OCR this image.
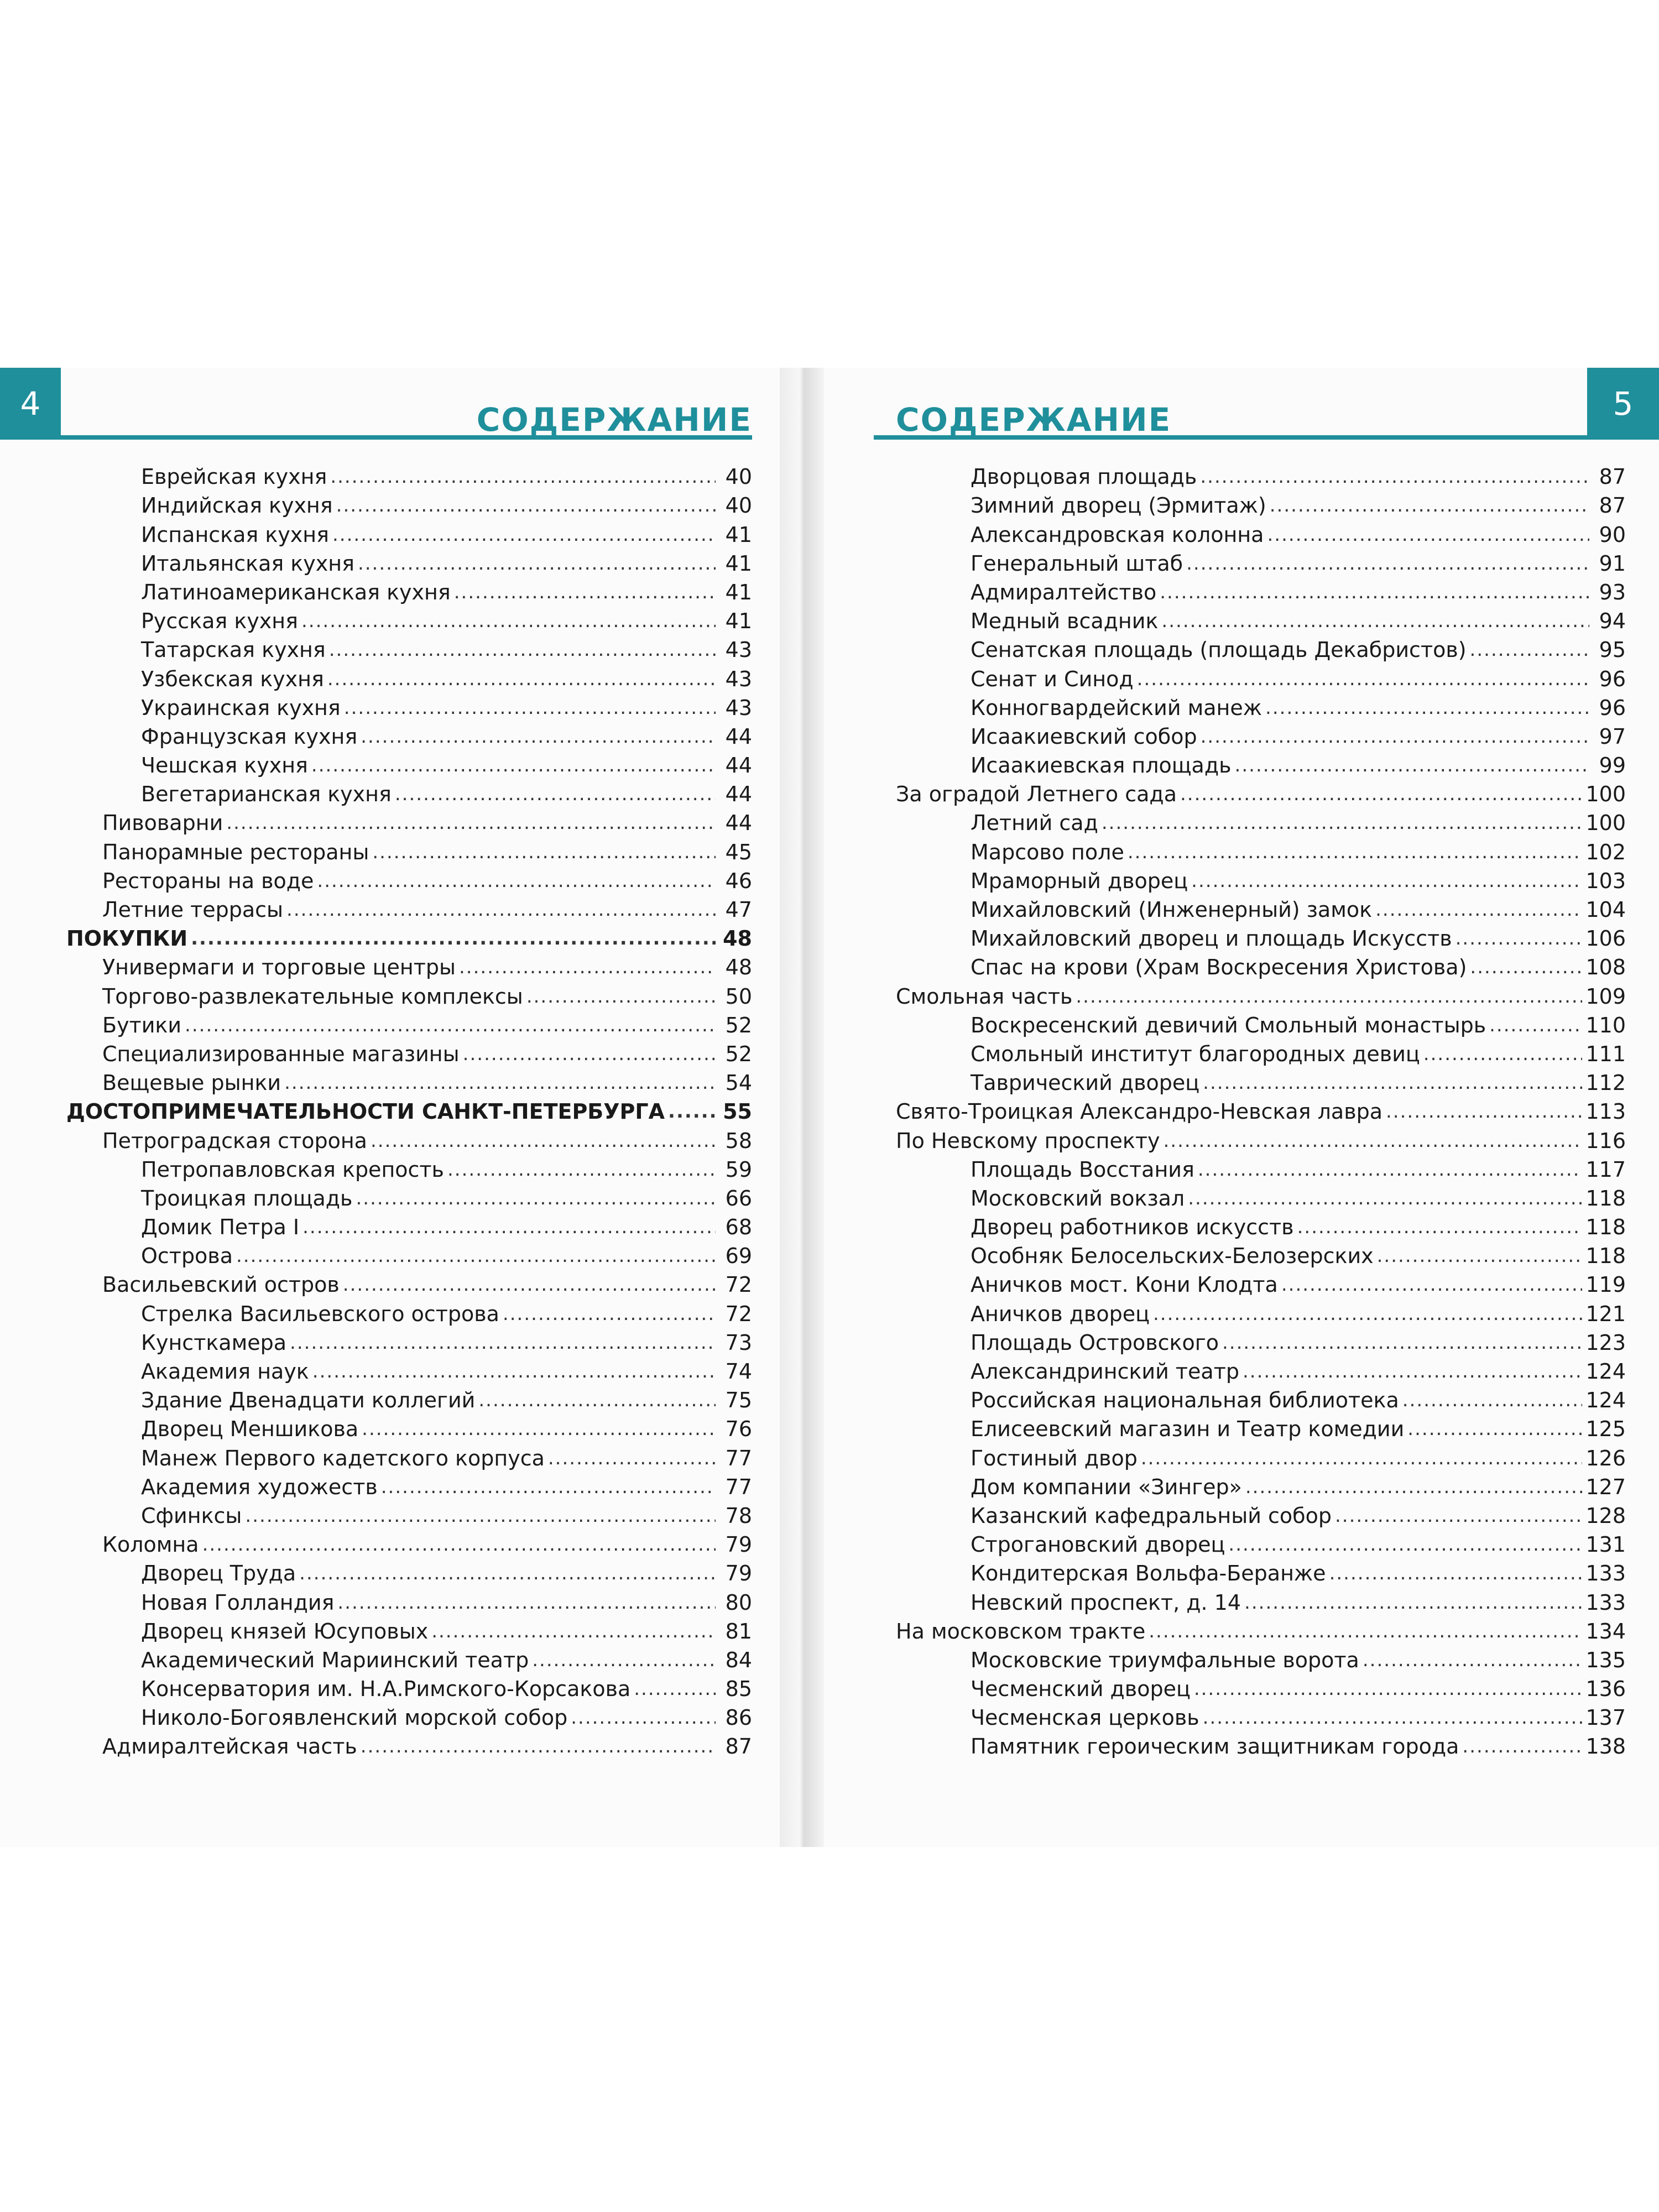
4	СОДЕРЖАНИЕ
Еврейская кухня .....	40
Индийская кухня .....	40
Испанская кухня .....	41
Итальянская кухня .....	41
Латиноамериканская кухня .....	41
Русская кухня .....	41
Татарская кухня .....	43
Узбекская кухня .....	43
Украинская кухня .....	43
Французская кухня .....	44
Чешская кухня .....	44
Вегетарианская кухня .....	44
Пивоварни .....	44
Панорамные рестораны .....	45
Рестораны на воде .....	46
Летние террасы .....	47
ПОКУПКИ .....	48
Универмаги и торговые центры .....	48
Торгово-развлекательные комплексы .....	50
Бутики .....	52
Специализированные магазины .....	52
Вещевые рынки .....	54
ДОСТОПРИМЕЧАТЕЛЬНОСТИ САНКТ-ПЕТЕРБУРГА .....	55
Петроградская сторона .....	58
Петропавловская крепость .....	59
Троицкая площадь .....	66
Домик Петра I .....	68
Острова .....	69
Васильевский остров .....	72
Стрелка Васильевского острова .....	72
Кунсткамера .....	73
Академия наук .....	74
Здание Двенадцати коллегий .....	75
Дворец Меншикова .....	76
Манеж Первого кадетского корпуса .....	77
Академия художеств .....	77
Сфинксы .....	78
Коломна .....	79
Дворец Труда .....	79
Новая Голландия .....	80
Дворец князей Юсуповых .....	81
Академический Мариинский театр .....	84
Консерватория им. Н.А.Римского-Корсакова .....	85
Николо-Богоявленский морской собор .....	86
Адмиралтейская часть .....	87
5
СОДЕРЖАНИЕ
Дворцовая площадь .....	87
Зимний дворец (Эрмитаж) .....	87
Александровская колонна .....	90
Генеральный штаб .....	91
Адмиралтейство .....	93
Медный всадник .....	94
Сенатская площадь (площадь Декабристов) .....	95
Сенат и Синод .....	96
Конногвардейский манеж .....	96
Исаакиевский собор .....	97
Исаакиевская площадь .....	99
За оградой Летнего сада .....	100
Летний сад .....	100
Марсово поле .....	102
Мраморный дворец .....	103
Михайловский (Инженерный) замок .....	104
Михайловский дворец и площадь Искусств .....	106
Спас на крови (Храм Воскресения Христова) .....	108
Смольная часть .....	109
Воскресенский девичий Смольный монастырь .....	110
Смольный институт благородных девиц .....	111
Таврический дворец .....	112
Свято-Троицкая Александро-Невская лавра .....	113
По Невскому проспекту .....	116
Площадь Восстания .....	117
Московский вокзал .....	118
Дворец работников искусств .....	118
Особняк Белосельских-Белозерских .....	118
Аничков мост. Кони Клодта .....	119
Аничков дворец .....	121
Площадь Островского .....	123
Александринский театр .....	124
Российская национальная библиотека .....	124
Елисеевский магазин и Театр комедии .....	125
Гостиный двор .....	126
Дом компании «Зингер» .....	127
Казанский кафедральный собор .....	128
Строгановский дворец .....	131
Кондитерская Вольфа-Беранже .....	133
Невский проспект, д. 14 .....	133
На московском тракте .....	134
Московские триумфальные ворота .....	135
Чесменский дворец .....	136
Чесменская церковь .....	137
Памятник героическим защитникам города .....	138
